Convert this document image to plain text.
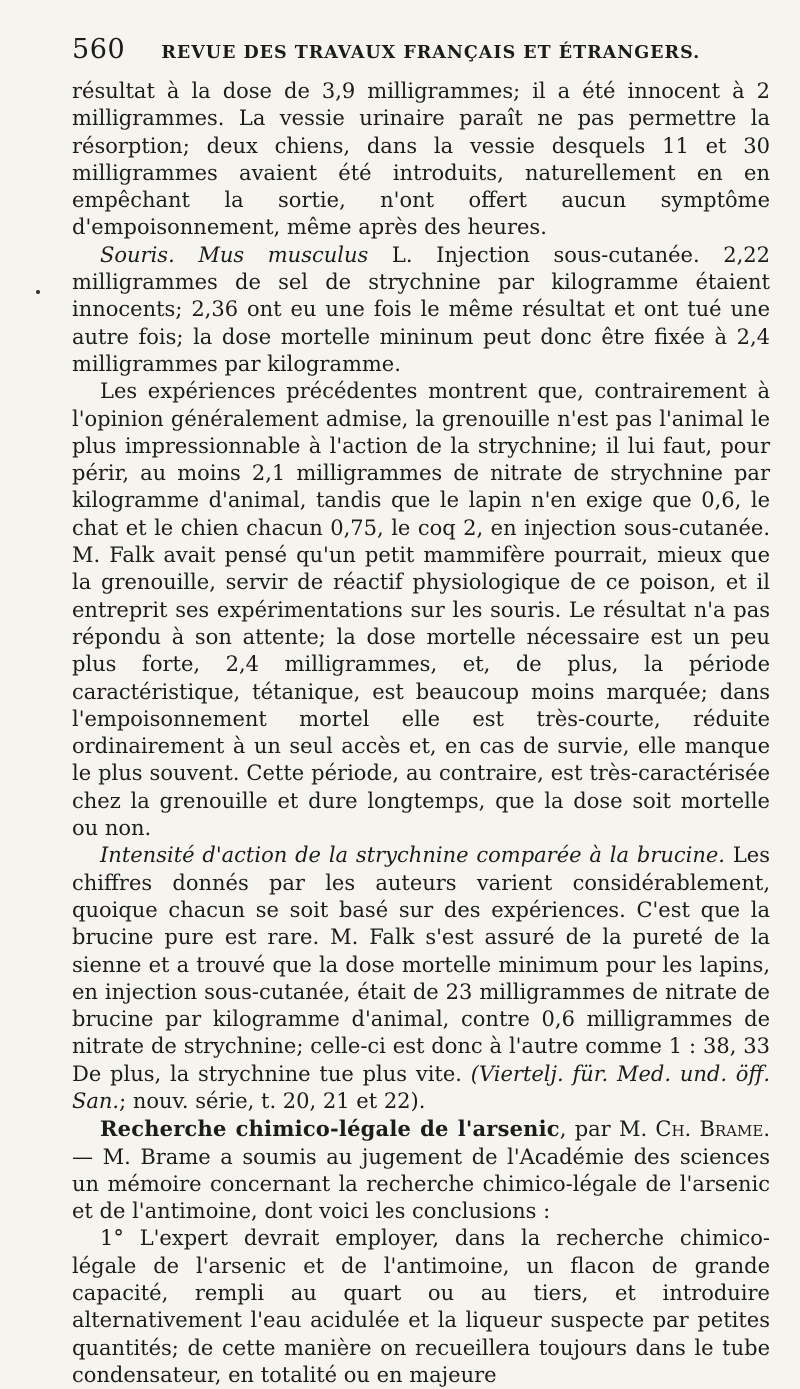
560 REVUE DES TRAVAUX FRANÇAIS ET ÉTRANGERS.

résultat à la dose de 3,9 milligrammes; il a été innocent à 2 milligrammes. La vessie urinaire paraît ne pas permettre la résorption; deux chiens, dans la vessie desquels 11 et 30 milligrammes avaient été introduits, naturellement en en empêchant la sortie, n'ont offert aucun symptôme d'empoisonnement, même après des heures.

Souris. Mus musculus L. Injection sous-cutanée. 2,22 milligrammes de sel de strychnine par kilogramme étaient innocents; 2,36 ont eu une fois le même résultat et ont tué une autre fois; la dose mortelle mininum peut donc être fixée à 2,4 milligrammes par kilogramme.

Les expériences précédentes montrent que, contrairement à l'opinion généralement admise, la grenouille n'est pas l'animal le plus impressionnable à l'action de la strychnine; il lui faut, pour périr, au moins 2,1 milligrammes de nitrate de strychnine par kilogramme d'animal, tandis que le lapin n'en exige que 0,6, le chat et le chien chacun 0,75, le coq 2, en injection sous-cutanée. M. Falk avait pensé qu'un petit mammifère pourrait, mieux que la grenouille, servir de réactif physiologique de ce poison, et il entreprit ses expérimentations sur les souris. Le résultat n'a pas répondu à son attente; la dose mortelle nécessaire est un peu plus forte, 2,4 milligrammes, et, de plus, la période caractéristique, tétanique, est beaucoup moins marquée; dans l'empoisonnement mortel elle est très-courte, réduite ordinairement à un seul accès et, en cas de survie, elle manque le plus souvent. Cette période, au contraire, est très-caractérisée chez la grenouille et dure longtemps, que la dose soit mortelle ou non.

Intensité d'action de la strychnine comparée à la brucine. Les chiffres donnés par les auteurs varient considérablement, quoique chacun se soit basé sur des expériences. C'est que la brucine pure est rare. M. Falk s'est assuré de la pureté de la sienne et a trouvé que la dose mortelle minimum pour les lapins, en injection sous-cutanée, était de 23 milligrammes de nitrate de brucine par kilogramme d'animal, contre 0,6 milligrammes de nitrate de strychnine; celle-ci est donc à l'autre comme 1 : 38, 33 De plus, la strychnine tue plus vite. (Viertelj. für. Med. und. öff. San.; nouv. série, t. 20, 21 et 22).

Recherche chimico-légale de l'arsenic, par M. Ch. Brame. — M. Brame a soumis au jugement de l'Académie des sciences un mémoire concernant la recherche chimico-légale de l'arsenic et de l'antimoine, dont voici les conclusions :

1° L'expert devrait employer, dans la recherche chimico-légale de l'arsenic et de l'antimoine, un flacon de grande capacité, rempli au quart ou au tiers, et introduire alternativement l'eau acidulée et la liqueur suspecte par petites quantités; de cette manière on recueillera toujours dans le tube condensateur, en totalité ou en majeure
